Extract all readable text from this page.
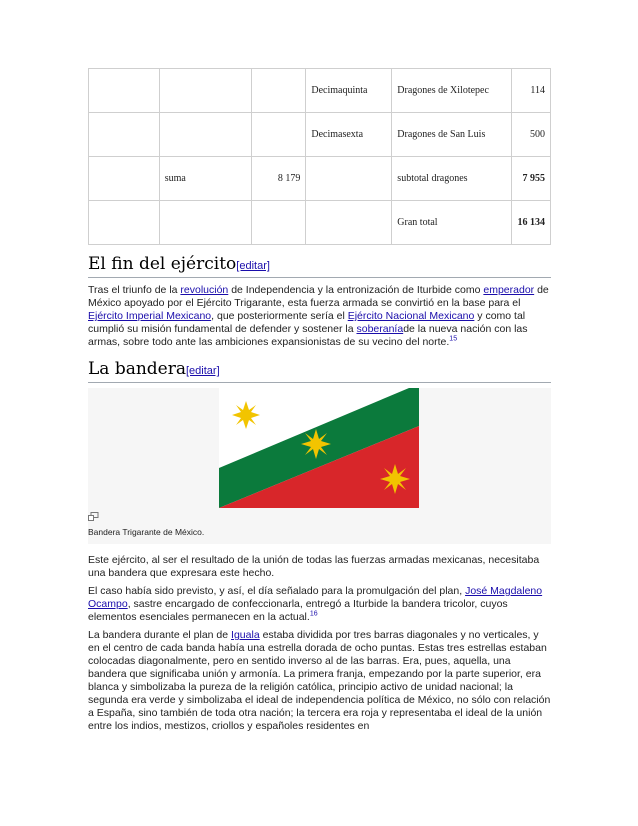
			Decimaquinta	Dragones de Xilotepec	114
			Decimasexta	Dragones de San Luis	500
	suma	8 179		subtotal dragones	7 955
				Gran total	16 134
El fin del ejército[editar]

Tras el triunfo de la revolución de Independencia y la entronización de Iturbide como emperador de México apoyado por el Ejército Trigarante, esta fuerza armada se convirtió en la base para el Ejército Imperial Mexicano, que posteriormente sería el Ejército Nacional Mexicano y como tal cumplió su misión fundamental de defender y sostener la soberaníade la nueva nación con las armas, sobre todo ante las ambiciones expansionistas de su vecino del norte.$^{15}$

La bandera[editar]
Bandera Trigarante de México.

Este ejército, al ser el resultado de la unión de todas las fuerzas armadas mexicanas, necesitaba una bandera que expresara este hecho.

El caso había sido previsto, y así, el día señalado para la promulgación del plan, José Magdaleno Ocampo, sastre encargado de confeccionarla, entregó a Iturbide la bandera tricolor, cuyos elementos esenciales permanecen en la actual.$^{16}$

La bandera durante el plan de Iguala estaba dividida por tres barras diagonales y no verticales, y en el centro de cada banda había una estrella dorada de ocho puntas. Estas tres estrellas estaban colocadas diagonalmente, pero en sentido inverso al de las barras. Era, pues, aquella, una bandera que significaba unión y armonía. La primera franja, empezando por la parte superior, era blanca y simbolizaba la pureza de la religión católica, principio activo de unidad nacional; la segunda era verde y simbolizaba el ideal de independencia política de México, no sólo con relación a España, sino también de toda otra nación; la tercera era roja y representaba el ideal de la unión entre los indios, mestizos, criollos y españoles residentes en
